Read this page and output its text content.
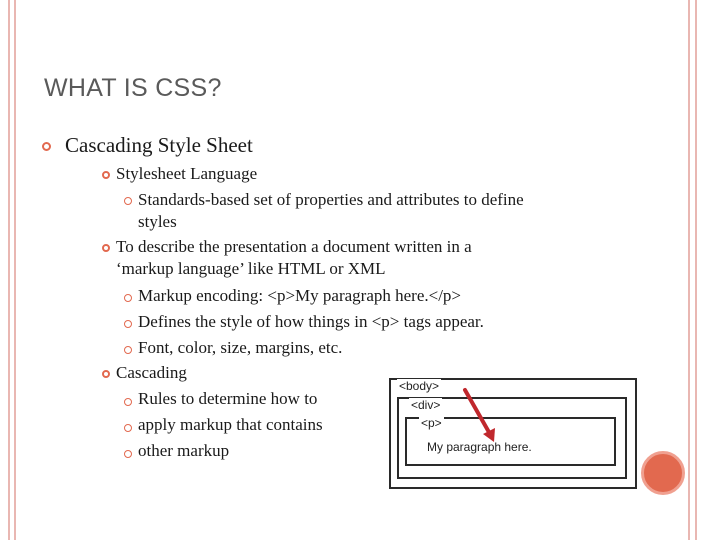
WHAT IS CSS?
Cascading Style Sheet
Stylesheet Language
Standards-based set of properties and attributes to define
styles
To describe the presentation a document written in a
‘markup language’ like HTML or XML
Markup encoding: <p>My paragraph here.</p>
Defines the style of how things in <p> tags appear.
Font, color, size, margins, etc.
Cascading
Rules to determine how to
apply markup that contains
other markup
<body>
<div>
<p>
My paragraph here.
